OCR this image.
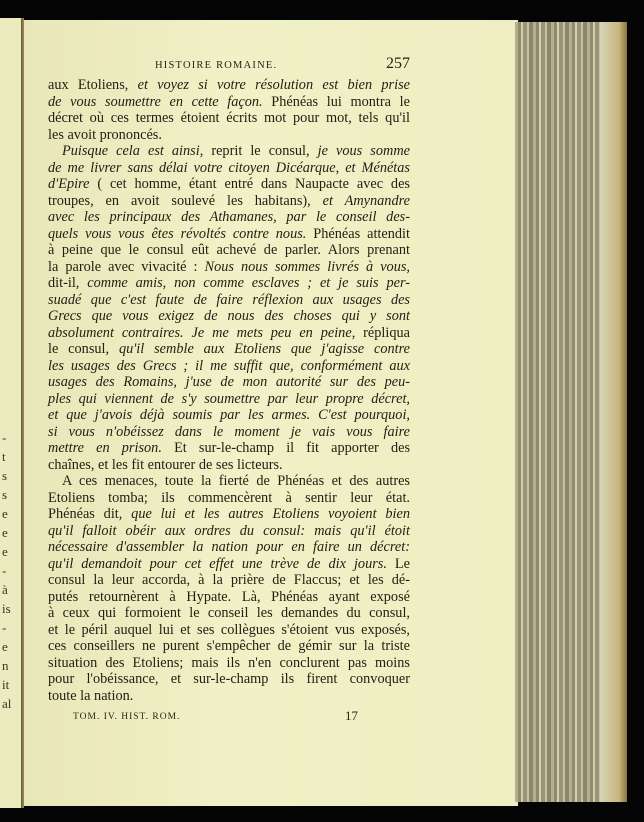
-
t
s
s
e
e
e
-
à
is
-
e
n
it
al
HISTOIRE ROMAINE.	257
aux Etoliens, et voyez si votre résolution est bien prise
de vous soumettre en cette façon. Phénéas lui montra le
décret où ces termes étoient écrits mot pour mot, tels qu'il
les avoit prononcés.
Puisque cela est ainsi, reprit le consul, je vous somme
de me livrer sans délai votre citoyen Dicéarque, et Ménétas
d'Epire ( cet homme, étant entré dans Naupacte avec des
troupes, en avoit soulevé les habitans), et Amynandre
avec les principaux des Athamanes, par le conseil des-
quels vous vous êtes révoltés contre nous. Phénéas attendit
à peine que le consul eût achevé de parler. Alors prenant
la parole avec vivacité : Nous nous sommes livrés à vous,
dit-il, comme amis, non comme esclaves ; et je suis per-
suadé que c'est faute de faire réflexion aux usages des
Grecs que vous exigez de nous des choses qui y sont
absolument contraires. Je me mets peu en peine, répliqua
le consul, qu'il semble aux Etoliens que j'agisse contre
les usages des Grecs ; il me suffit que, conformément aux
usages des Romains, j'use de mon autorité sur des peu-
ples qui viennent de s'y soumettre par leur propre décret,
et que j'avois déjà soumis par les armes. C'est pourquoi,
si vous n'obéissez dans le moment je vais vous faire
mettre en prison. Et sur-le-champ il fit apporter des
chaînes, et les fit entourer de ses licteurs.
A ces menaces, toute la fierté de Phénéas et des autres
Etoliens tomba; ils commencèrent à sentir leur état.
Phénéas dit, que lui et les autres Etoliens voyoient bien
qu'il falloit obéir aux ordres du consul: mais qu'il étoit
nécessaire d'assembler la nation pour en faire un décret:
qu'il demandoit pour cet effet une trève de dix jours. Le
consul la leur accorda, à la prière de Flaccus; et les dé-
putés retournèrent à Hypate. Là, Phénéas ayant exposé
à ceux qui formoient le conseil les demandes du consul,
et le péril auquel lui et ses collègues s'étoient vus exposés,
ces conseillers ne purent s'empêcher de gémir sur la triste
situation des Etoliens; mais ils n'en conclurent pas moins
pour l'obéissance, et sur-le-champ ils firent convoquer
toute la nation.
TOM. IV. HIST. ROM.	17
